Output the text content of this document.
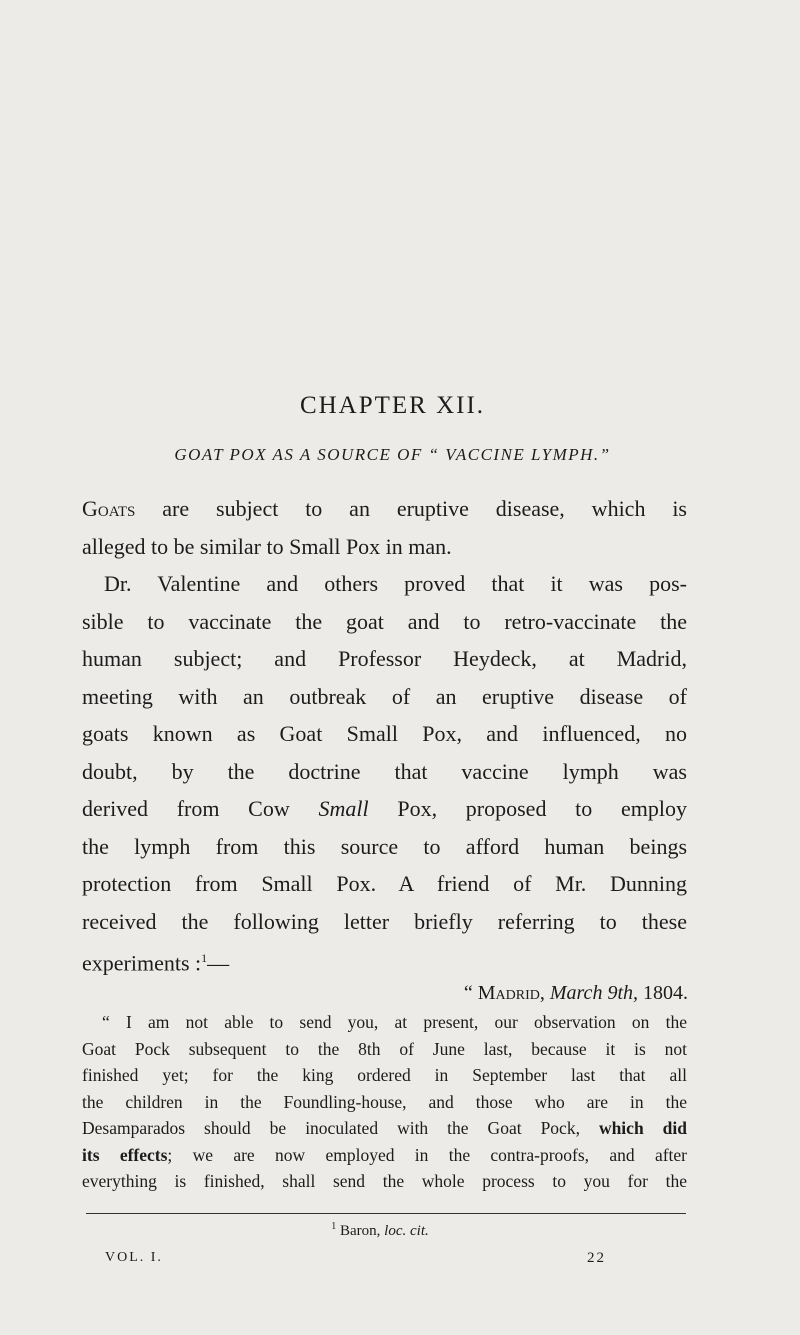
CHAPTER XII.
GOAT POX AS A SOURCE OF “ VACCINE LYMPH.”
Goats are subject to an eruptive disease, which is
alleged to be similar to Small Pox in man.
Dr. Valentine and others proved that it was pos-
sible to vaccinate the goat and to retro-vaccinate the
human subject; and Professor Heydeck, at Madrid,
meeting with an outbreak of an eruptive disease of
goats known as Goat Small Pox, and influenced, no
doubt, by the doctrine that vaccine lymph was
derived from Cow Small Pox, proposed to employ
the lymph from this source to afford human beings
protection from Small Pox. A friend of Mr. Dunning
received the following letter briefly referring to these
experiments :$^1$—
“ Madrid, March 9th, 1804.
“ I am not able to send you, at present, our observation on the
Goat Pock subsequent to the 8th of June last, because it is not
finished yet; for the king ordered in September last that all
the children in the Foundling-house, and those who are in the
Desamparados should be inoculated with the Goat Pock, which did
its effects; we are now employed in the contra-proofs, and after
everything is finished, shall send the whole process to you for the
$^1$ Baron, loc. cit.
VOL. I.	22
